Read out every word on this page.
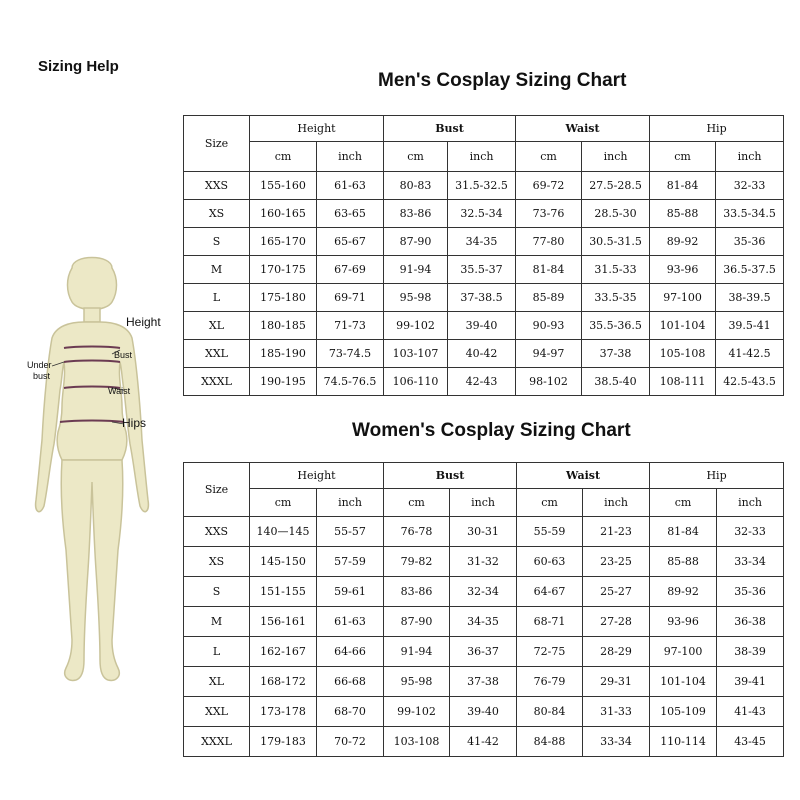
Sizing Help
Height
Bust
Under
bust
Waist
Hips
Men's Cosplay Sizing Chart
Size	Height		Bust		Waist		Hip	
	cm	inch	cm	inch	cm	inch	cm	inch
XXS	155-160	61-63	80-83	31.5-32.5	69-72	27.5-28.5	81-84	32-33
XS	160-165	63-65	83-86	32.5-34	73-76	28.5-30	85-88	33.5-34.5
S	165-170	65-67	87-90	34-35	77-80	30.5-31.5	89-92	35-36
M	170-175	67-69	91-94	35.5-37	81-84	31.5-33	93-96	36.5-37.5
L	175-180	69-71	95-98	37-38.5	85-89	33.5-35	97-100	38-39.5
XL	180-185	71-73	99-102	39-40	90-93	35.5-36.5	101-104	39.5-41
XXL	185-190	73-74.5	103-107	40-42	94-97	37-38	105-108	41-42.5
XXXL	190-195	74.5-76.5	106-110	42-43	98-102	38.5-40	108-111	42.5-43.5
Women's Cosplay Sizing Chart
Size	Height		Bust		Waist		Hip	
	cm	inch	cm	inch	cm	inch	cm	inch
XXS	140—145	55-57	76-78	30-31	55-59	21-23	81-84	32-33
XS	145-150	57-59	79-82	31-32	60-63	23-25	85-88	33-34
S	151-155	59-61	83-86	32-34	64-67	25-27	89-92	35-36
M	156-161	61-63	87-90	34-35	68-71	27-28	93-96	36-38
L	162-167	64-66	91-94	36-37	72-75	28-29	97-100	38-39
XL	168-172	66-68	95-98	37-38	76-79	29-31	101-104	39-41
XXL	173-178	68-70	99-102	39-40	80-84	31-33	105-109	41-43
XXXL	179-183	70-72	103-108	41-42	84-88	33-34	110-114	43-45
